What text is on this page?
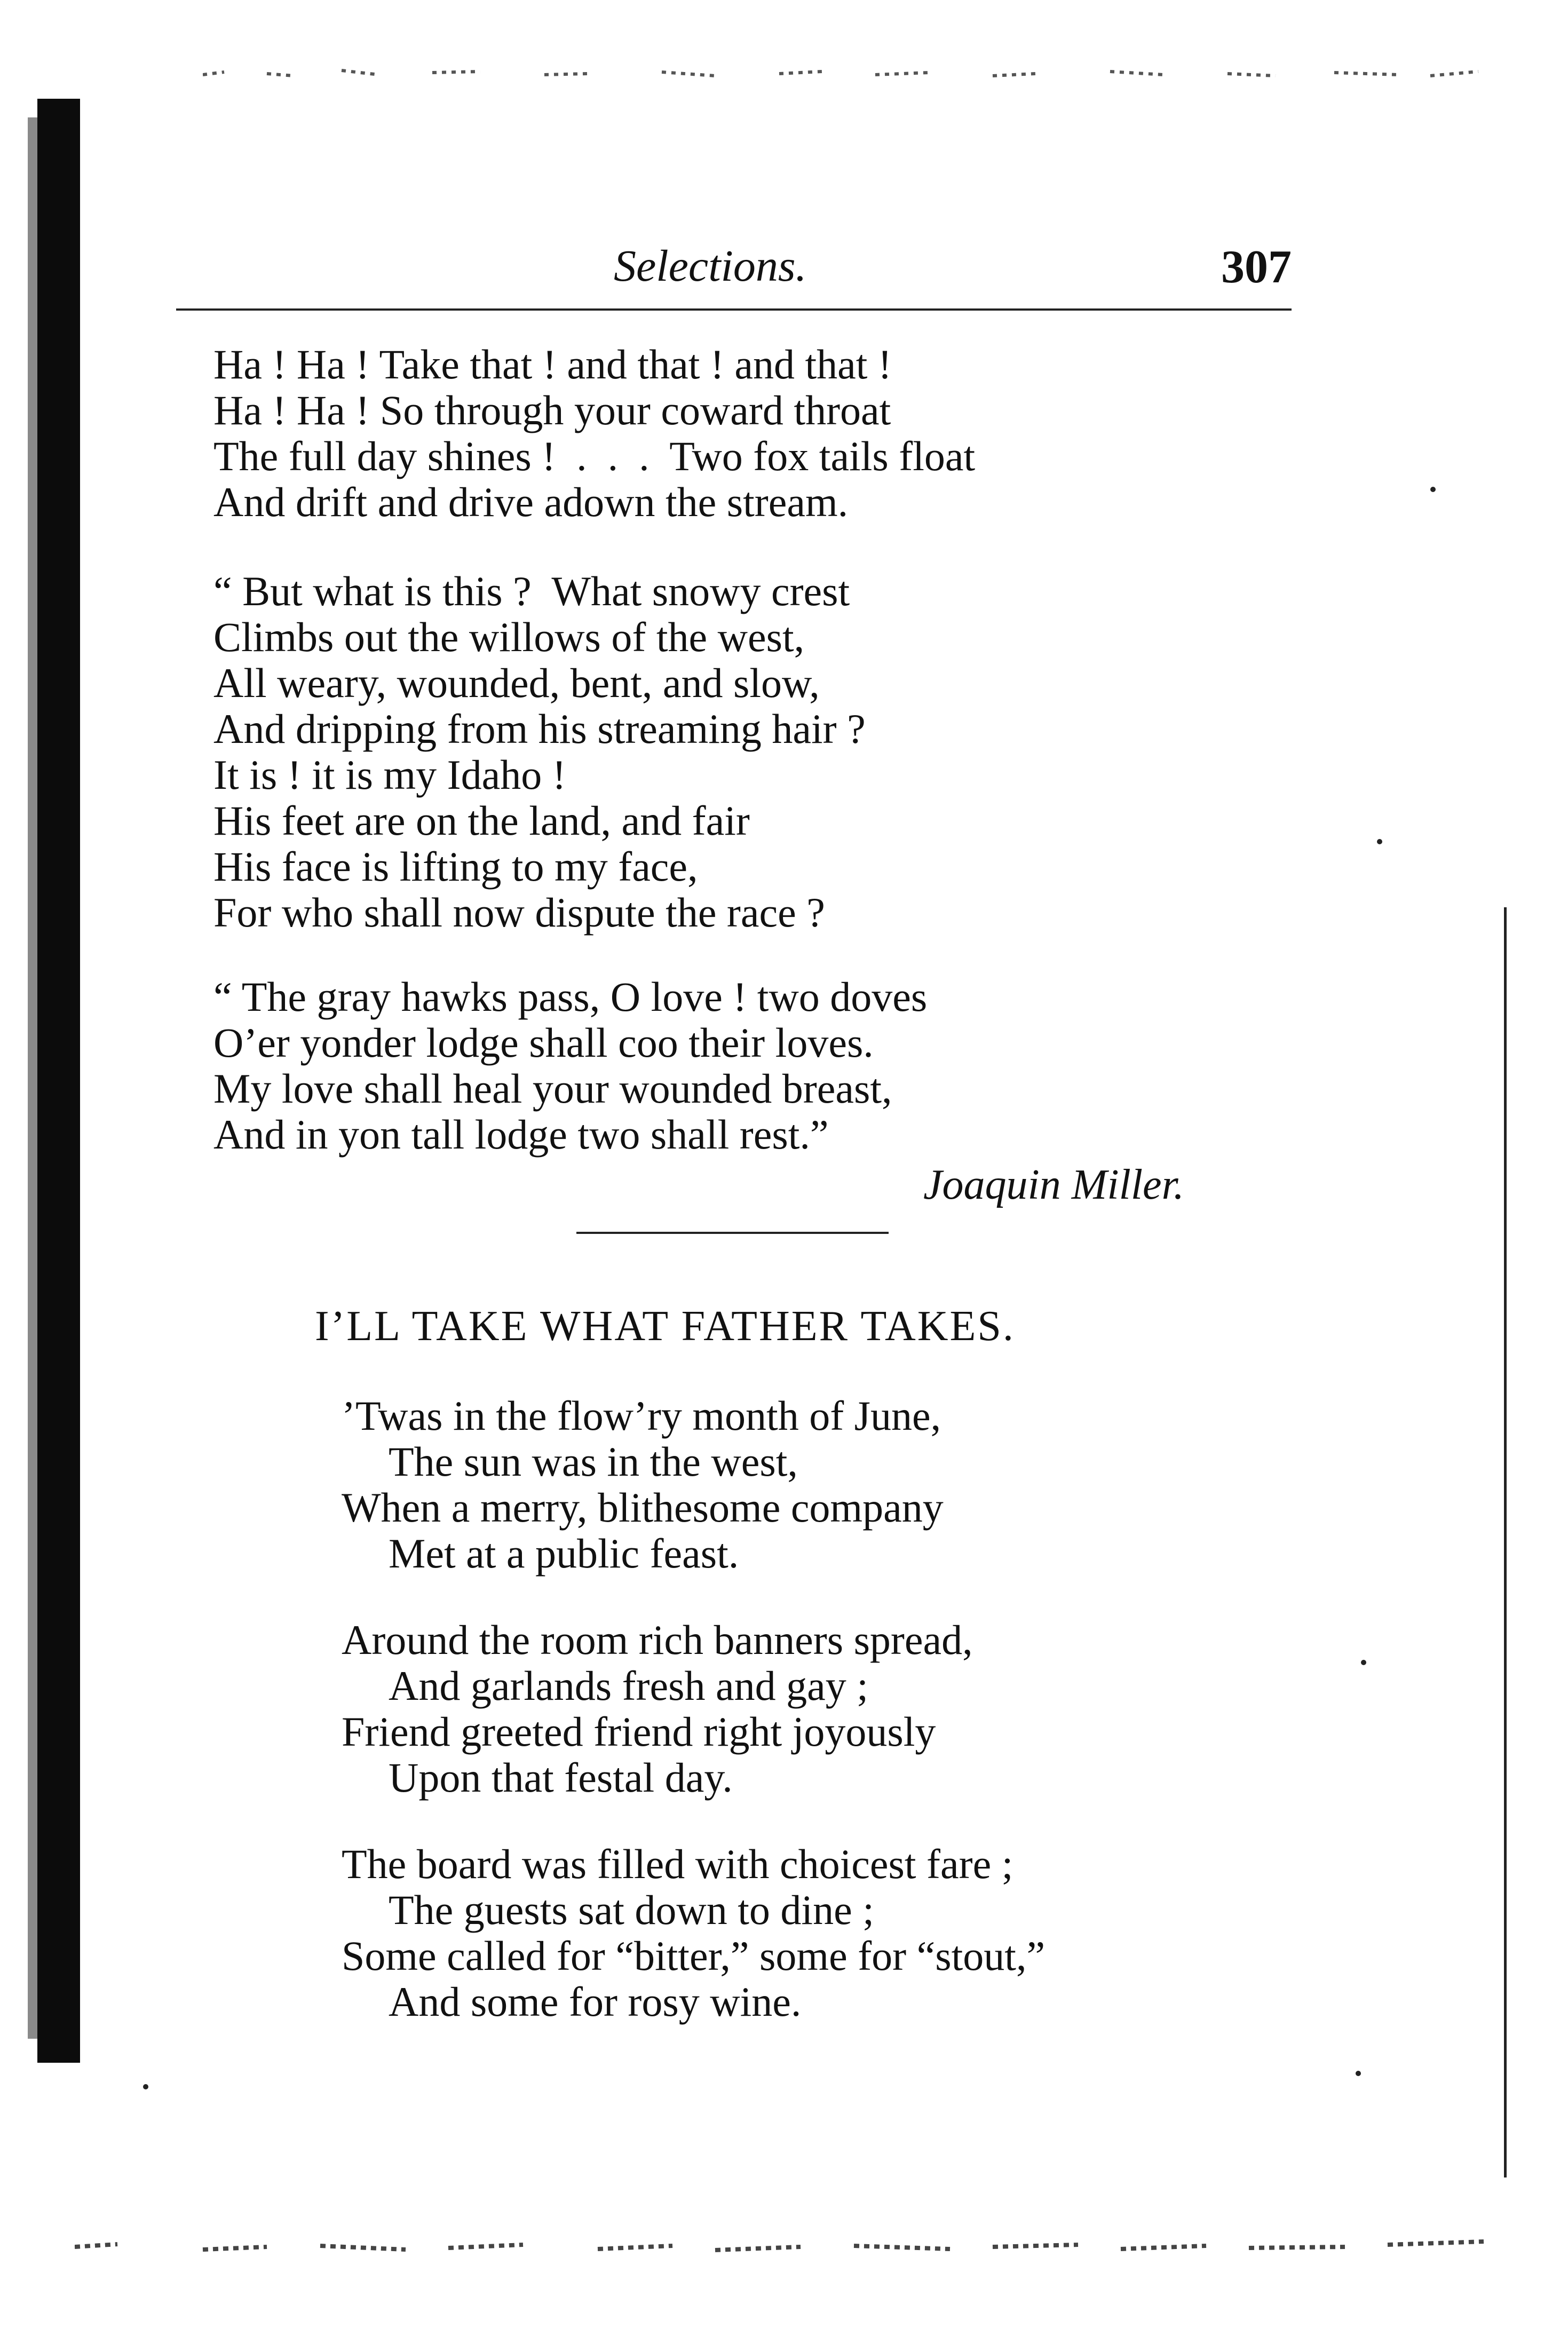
Selections.	307
Ha ! Ha ! Take that ! and that ! and that !
Ha ! Ha ! So through your coward throat
The full day shines !  .  .  .  Two fox tails float
And drift and drive adown the stream.
“ But what is this ?  What snowy crest
Climbs out the willows of the west,
All weary, wounded, bent, and slow,
And dripping from his streaming hair ?
It is ! it is my Idaho !
His feet are on the land, and fair
His face is lifting to my face,
For who shall now dispute the race ?
“ The gray hawks pass, O love ! two doves
O’er yonder lodge shall coo their loves.
My love shall heal your wounded breast,
And in yon tall lodge two shall rest.”
Joaquin Miller.
I’LL TAKE WHAT FATHER TAKES.
’Twas in the flow’ry month of June,
The sun was in the west,
When a merry, blithesome company
Met at a public feast.
Around the room rich banners spread,
And garlands fresh and gay ;
Friend greeted friend right joyously
Upon that festal day.
The board was filled with choicest fare ;
The guests sat down to dine ;
Some called for “bitter,” some for “stout,”
And some for rosy wine.
